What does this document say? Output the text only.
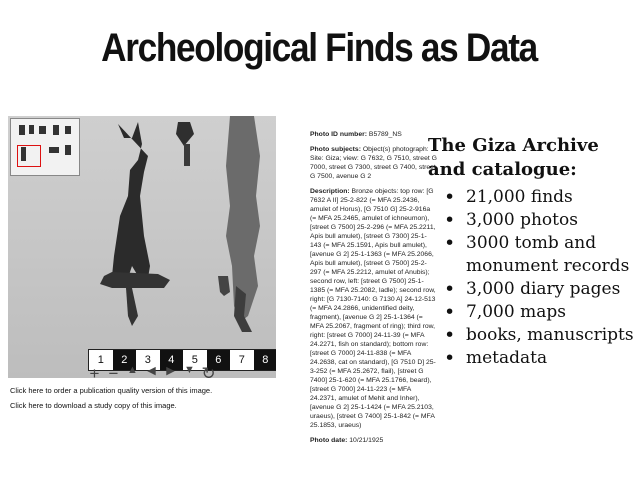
Archeological Finds as Data
1	2	3	4	5	6	7	8
+ − ▲ ◀ ▶ ▼ ↻
Click here to order a publication quality version of this image.
Click here to download a study copy of this image.

Photo ID number: B5789_NS

Photo subjects: Object(s) photograph: Site: Giza; view: G 7632, G 7510, street G 7000, street G 7300, street G 7400, street G 7500, avenue G 2

Description: Bronze objects: top row: [G 7632 A II] 25-2-822 (= MFA 25.2436, amulet of Horus), [G 7510 G] 25-2-916a (= MFA 25.2465, amulet of ichneumon), [street G 7500] 25-2-296 (= MFA 25.2211, Apis bull amulet), [street G 7300] 25-1-143 (= MFA 25.1591, Apis bull amulet), [avenue G 2] 25-1-1363 (= MFA 25.2066, Apis bull amulet), [street G 7500] 25-2-297 (= MFA 25.2212, amulet of Anubis); second row, left: [street G 7500] 25-1-1385 (= MFA 25.2082, ladle); second row, right: [G 7130-7140: G 7130 A] 24-12-513 (= MFA 24.2866, unidentified deity, fragment), [avenue G 2] 25-1-1364 (= MFA 25.2067, fragment of ring); third row, right: [street G 7000] 24-11-39 (= MFA 24.2271, fish on standard); bottom row: [street G 7000] 24-11-838 (= MFA 24.2638, cat on standard), [G 7510 D] 25-3-252 (= MFA 25.2672, flail), [street G 7400] 25-1-620 (= MFA 25.1766, beard), [street G 7000] 24-11-223 (= MFA 24.2371, amulet of Mehit and Inher), [avenue G 2] 25-1-1424 (= MFA 25.2103, uraeus), [street G 7400] 25-1-842 (= MFA 25.1853, uraeus)

Photo date: 10/21/1925

The Giza Archive
and catalogue:
• 21,000 finds
• 3,000 photos
• 3000 tomb and monument records
• 3,000 diary pages
• 7,000 maps
• books, manuscripts
• metadata
